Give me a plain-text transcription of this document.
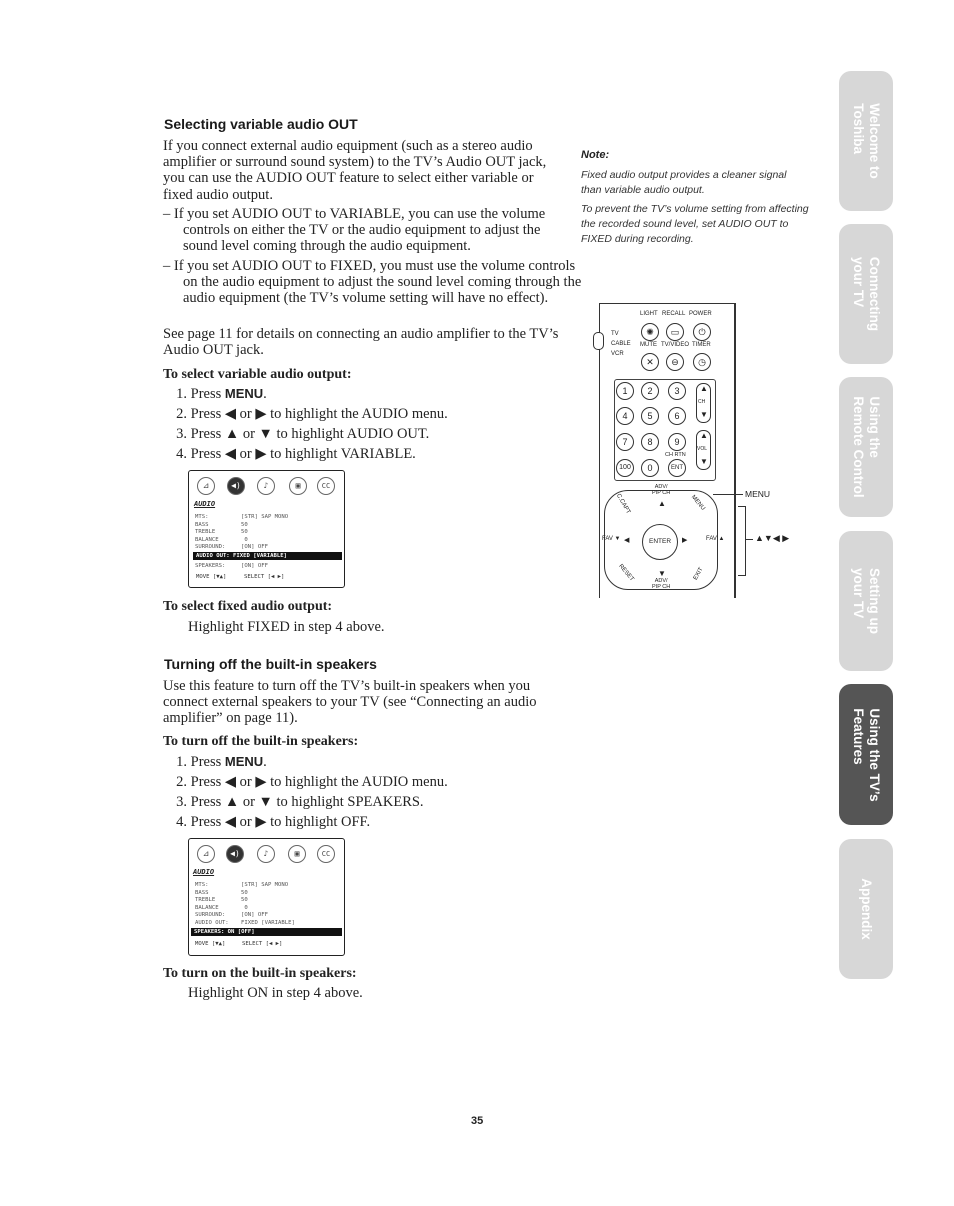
Selecting variable audio OUT
If you connect external audio equipment (such as a stereo audio amplifier or surround sound system) to the TV’s Audio OUT jack, you can use the AUDIO OUT feature to select either variable or fixed audio output.
– If you set AUDIO OUT to VARIABLE, you can use the volume controls on either the TV or the audio equipment to adjust the sound level coming through the audio equipment.
– If you set AUDIO OUT to FIXED, you must use the volume controls on the audio equipment to adjust the sound level coming through the audio equipment (the TV’s volume setting will have no effect).
See page 11 for details on connecting an audio amplifier to the TV’s Audio OUT jack.
To select variable audio output:
1. Press MENU.
2. Press ◀ or ▶ to highlight the AUDIO menu.
3. Press ▲ or ▼ to highlight AUDIO OUT.
4. Press ◀ or ▶ to highlight VARIABLE.
⊿	◀)	♪	▣	CC
AUDIO
MTS:	[STR] SAP MONO
BASS	50
TREBLE	50
BALANCE	0
SURROUND:	[ON] OFF
AUDIO OUT: FIXED [VARIABLE]
SPEAKERS:	[ON] OFF
MOVE [▼▲]	SELECT [◀ ▶]
To select fixed audio output:
Highlight FIXED in step 4 above.
Turning off the built-in speakers
Use this feature to turn off the TV’s built-in speakers when you connect external speakers to your TV (see “Connecting an audio amplifier” on page 11).
To turn off the built-in speakers:
1. Press MENU.
2. Press ◀ or ▶ to highlight the AUDIO menu.
3. Press ▲ or ▼ to highlight SPEAKERS.
4. Press ◀ or ▶ to highlight OFF.
⊿	◀)	♪	▣	CC
AUDIO
MTS:	[STR] SAP MONO
BASS	50
TREBLE	50
BALANCE	0
SURROUND:	[ON] OFF
AUDIO OUT: FIXED [VARIABLE]
SPEAKERS: ON [OFF]
MOVE [▼▲]	SELECT [◀ ▶]
To turn on the built-in speakers:
Highlight ON in step 4 above.
Note:
Fixed audio output provides a cleaner signal than variable audio output.
To prevent the TV’s volume setting from affecting the recorded sound level, set AUDIO OUT to FIXED during recording.
LIGHT RECALL POWER
✺	▭	⏻
TV
CABLE
VCR
MUTE TV/VIDEO TIMER
✕	⊖	◷
1	2	3
4	5	6
7	8	9
100	0	ENT
▲
CH
▼
▲
VOL
▼
CH RTN
ADV/
PIP CH
▲
▼
ADV/
PIP CH
ENTER
FAV ▼ ◀	▶	FAV ▲
C.CAPT	MENU
RESET	EXIT
MENU
▲▼◀ ▶
Welcome to
Toshiba
Connecting
your TV
Using the
Remote Control
Setting up
your TV
Using the TV’s
Features
Appendix
35
